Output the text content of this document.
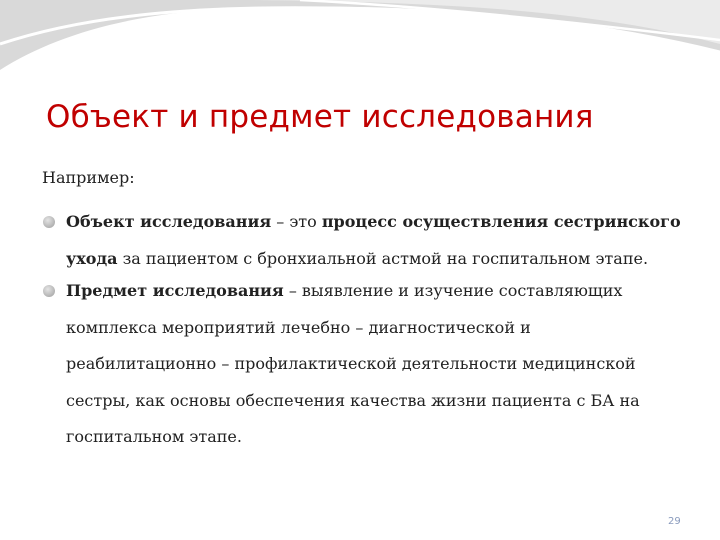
Объект и предмет исследования

Например:

Объект исследования – это процесс осуществления сестринского ухода за пациентом с бронхиальной астмой на госпитальном этапе.
Предмет исследования – выявление и изучение составляющих комплекса мероприятий лечебно – диагностической и реабилитационно – профилактической деятельности медицинской сестры, как основы обеспечения качества жизни пациента с БА на госпитальном этапе.
29
